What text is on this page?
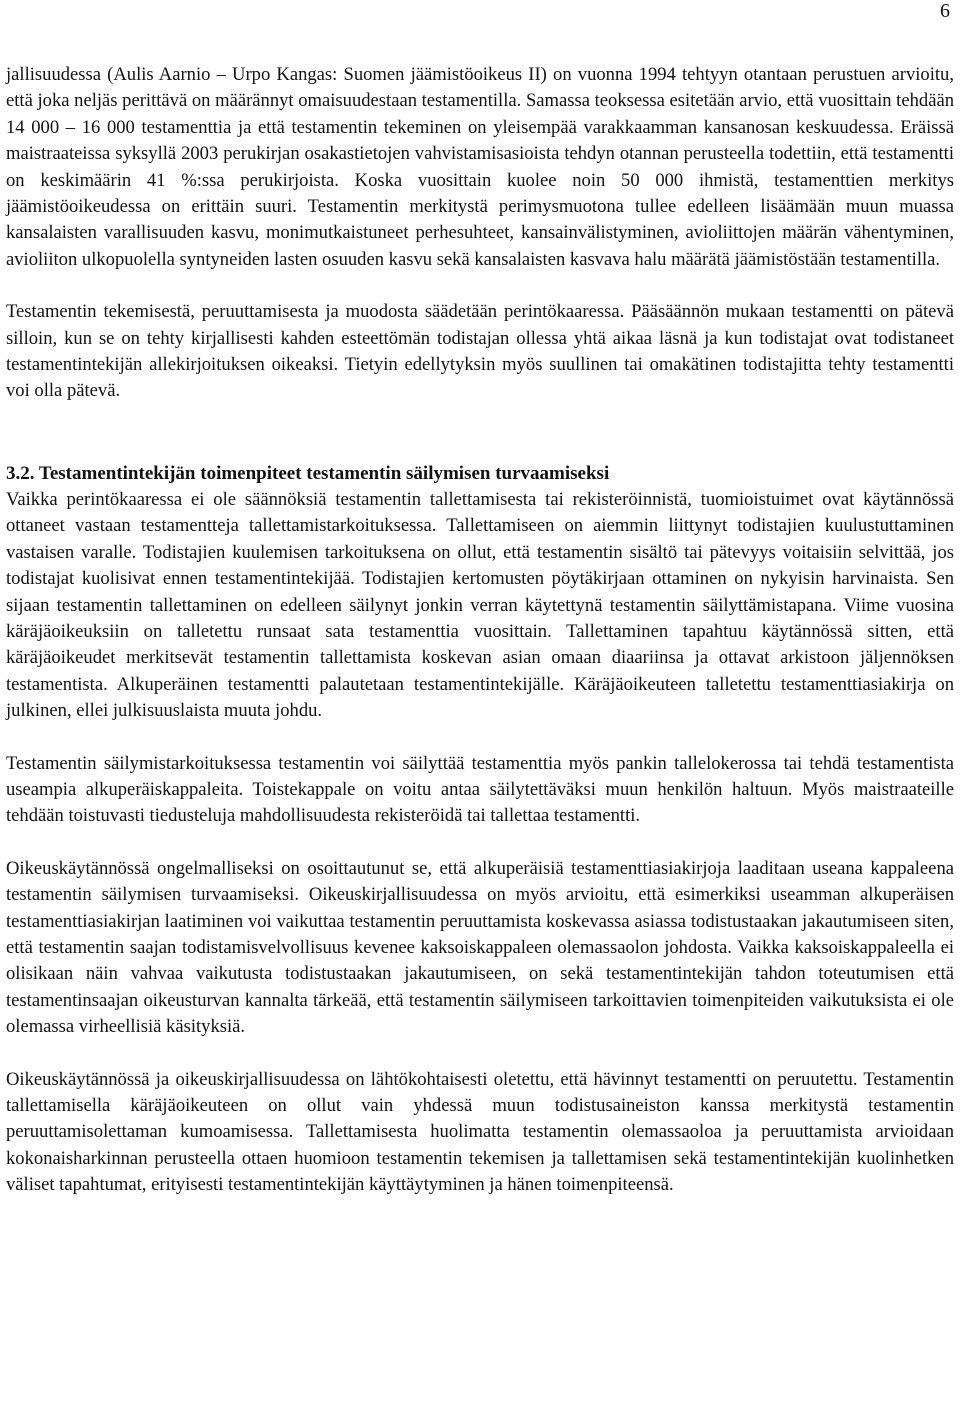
6

jallisuudessa (Aulis Aarnio – Urpo Kangas: Suomen jäämistöoikeus II) on vuonna 1994 tehtyyn otantaan perustuen arvioitu, että joka neljäs perittävä on määrännyt omaisuudestaan testamentilla. Samassa teoksessa esitetään arvio, että vuosittain tehdään 14 000 – 16 000 testamenttia ja että testamentin tekeminen on yleisempää varakkaamman kansanosan keskuudessa. Eräissä maistraateissa syksyllä 2003 perukirjan osakastietojen vahvistamisasioista tehdyn otannan perusteella todettiin, että testamentti on keskimäärin 41 %:ssa perukirjoista. Koska vuosittain kuolee noin 50 000 ihmistä, testamenttien merkitys jäämistöoikeudessa on erittäin suuri. Testamentin merkitystä perimysmuotona tullee edelleen lisäämään muun muassa kansalaisten varallisuuden kasvu, monimutkaistuneet perhesuhteet, kansainvälistyminen, avioliittojen määrän vähentyminen, avioliiton ulkopuolella syntyneiden lasten osuuden kasvu sekä kansalaisten kasvava halu määrätä jäämistöstään testamentilla.

Testamentin tekemisestä, peruuttamisesta ja muodosta säädetään perintökaaressa. Pääsäännön mukaan testamentti on pätevä silloin, kun se on tehty kirjallisesti kahden esteettömän todistajan ollessa yhtä aikaa läsnä ja kun todistajat ovat todistaneet testamentintekijän allekirjoituksen oikeaksi. Tietyin edellytyksin myös suullinen tai omakätinen todistajitta tehty testamentti voi olla pätevä.

3.2. Testamentintekijän toimenpiteet testamentin säilymisen turvaamiseksi

Vaikka perintökaaressa ei ole säännöksiä testamentin tallettamisesta tai rekisteröinnistä, tuomioistuimet ovat käytännössä ottaneet vastaan testamentteja tallettamistarkoituksessa. Tallettamiseen on aiemmin liittynyt todistajien kuulustuttaminen vastaisen varalle. Todistajien kuulemisen tarkoituksena on ollut, että testamentin sisältö tai pätevyys voitaisiin selvittää, jos todistajat kuolisivat ennen testamentintekijää. Todistajien kertomusten pöytäkirjaan ottaminen on nykyisin harvinaista. Sen sijaan testamentin tallettaminen on edelleen säilynyt jonkin verran käytettynä testamentin säilyttämistapana. Viime vuosina käräjäoikeuksiin on talletettu runsaat sata testamenttia vuosittain. Tallettaminen tapahtuu käytännössä sitten, että käräjäoikeudet merkitsevät testamentin tallettamista koskevan asian omaan diaariinsa ja ottavat arkistoon jäljennöksen testamentista. Alkuperäinen testamentti palautetaan testamentintekijälle. Käräjäoikeuteen talletettu testamenttiasiakirja on julkinen, ellei julkisuuslaista muuta johdu.

Testamentin säilymistarkoituksessa testamentin voi säilyttää testamenttia myös pankin tallelokerossa tai tehdä testamentista useampia alkuperäiskappaleita. Toistekappale on voitu antaa säilytettäväksi muun henkilön haltuun. Myös maistraateille tehdään toistuvasti tiedusteluja mahdollisuudesta rekisteröidä tai tallettaa testamentti.

Oikeuskäytännössä ongelmalliseksi on osoittautunut se, että alkuperäisiä testamenttiasiakirjoja laaditaan useana kappaleena testamentin säilymisen turvaamiseksi. Oikeuskirjallisuudessa on myös arvioitu, että esimerkiksi useamman alkuperäisen testamenttiasiakirjan laatiminen voi vaikuttaa testamentin peruuttamista koskevassa asiassa todistustaakan jakautumiseen siten, että testamentin saajan todistamisvelvollisuus kevenee kaksoiskappaleen olemassaolon johdosta. Vaikka kaksoiskappaleella ei olisikaan näin vahvaa vaikutusta todistustaakan jakautumiseen, on sekä testamentintekijän tahdon toteutumisen että testamentinsaajan oikeusturvan kannalta tärkeää, että testamentin säilymiseen tarkoittavien toimenpiteiden vaikutuksista ei ole olemassa virheellisiä käsityksiä.

Oikeuskäytännössä ja oikeuskirjallisuudessa on lähtökohtaisesti oletettu, että hävinnyt testamentti on peruutettu. Testamentin tallettamisella käräjäoikeuteen on ollut vain yhdessä muun todistusaineiston kanssa merkitystä testamentin peruuttamisolettaman kumoamisessa. Tallettamisesta huolimatta testamentin olemassaoloa ja peruuttamista arvioidaan kokonaisharkinnan perusteella ottaen huomioon testamentin tekemisen ja tallettamisen sekä testamentintekijän kuolinhetken väliset tapahtumat, erityisesti testamentintekijän käyttäytyminen ja hänen toimenpiteensä.
